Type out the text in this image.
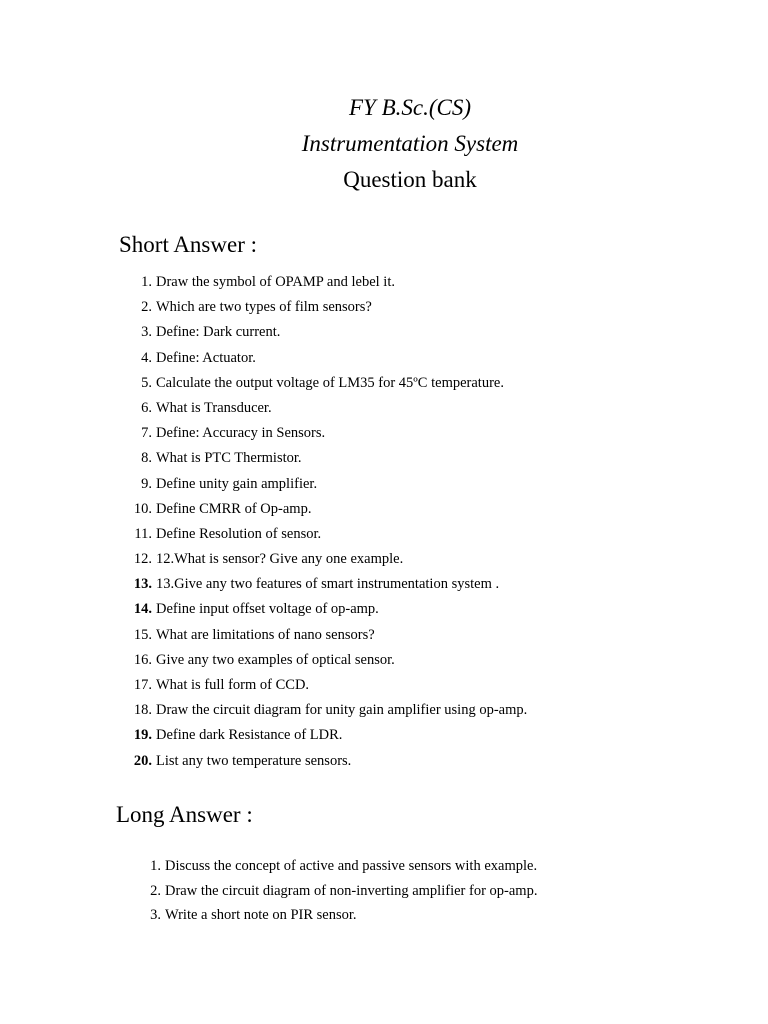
FY B.Sc.(CS)
Instrumentation System
Question bank
Short Answer :
1. Draw the symbol of OPAMP and lebel it.
2. Which are two types of film sensors?
3. Define: Dark current.
4. Define: Actuator.
5. Calculate the output voltage of LM35 for 45ºC temperature.
6. What is Transducer.
7. Define: Accuracy in Sensors.
8. What is PTC Thermistor.
9. Define unity gain amplifier.
10. Define CMRR of Op-amp.
11. Define Resolution of sensor.
12. 12.What is sensor? Give any one example.
13. 13.Give any two features of smart instrumentation system .
14. Define input offset voltage of op-amp.
15. What are limitations of nano sensors?
16. Give any two examples of optical sensor.
17. What is full form of CCD.
18. Draw the circuit diagram for unity gain amplifier using op-amp.
19. Define dark Resistance of LDR.
20. List any two temperature sensors.
Long Answer :
1. Discuss the concept of active and passive sensors with example.
2. Draw the circuit diagram of non-inverting amplifier for op-amp.
3. Write a short note on PIR sensor.
